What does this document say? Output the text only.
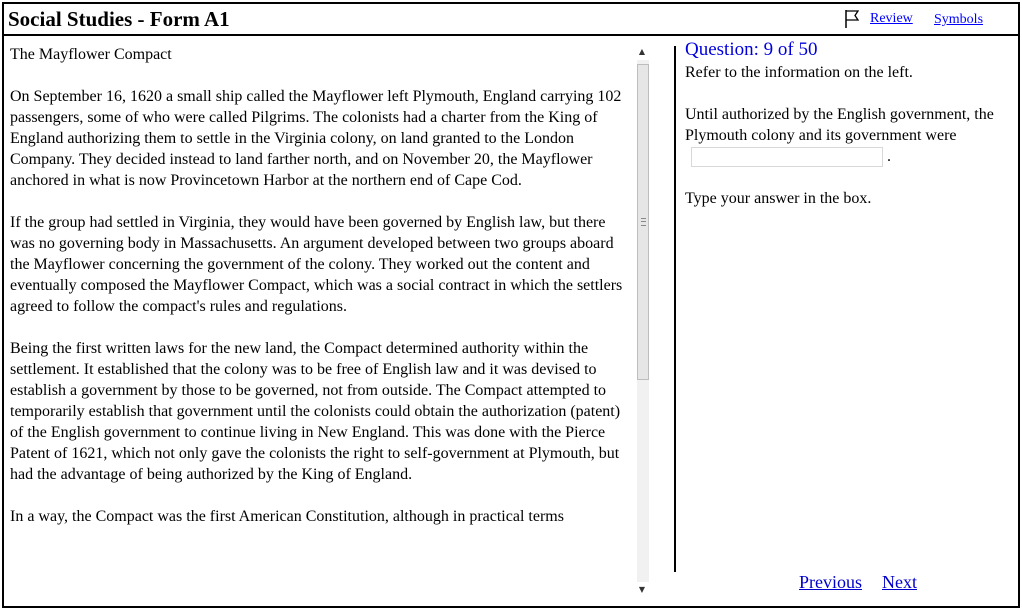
Social Studies - Form A1	Review Symbols

The Mayflower Compact

On September 16, 1620 a small ship called the Mayflower left Plymouth, England carrying 102 passengers, some of who were called Pilgrims. The colonists had a charter from the King of England authorizing them to settle in the Virginia colony, on land granted to the London Company. They decided instead to land farther north, and on November 20, the Mayflower anchored in what is now Provincetown Harbor at the northern end of Cape Cod.

If the group had settled in Virginia, they would have been governed by English law, but there was no governing body in Massachusetts. An argument developed between two groups aboard the Mayflower concerning the government of the colony. They worked out the content and eventually composed the Mayflower Compact, which was a social contract in which the settlers agreed to follow the compact's rules and regulations.

Being the first written laws for the new land, the Compact determined authority within the settlement. It established that the colony was to be free of English law and it was devised to establish a government by those to be governed, not from outside. The Compact attempted to temporarily establish that government until the colonists could obtain the authorization (patent) of the English government to continue living in New England. This was done with the Pierce Patent of 1621, which not only gave the colonists the right to self-government at Plymouth, but had the advantage of being authorized by the King of England.

In a way, the Compact was the first American Constitution, although in practical terms

▲
▼
Question: 9 of 50
Refer to the information on the left.
Until authorized by the English government, the Plymouth colony and its government were .
Type your answer in the box.
Previous Next
